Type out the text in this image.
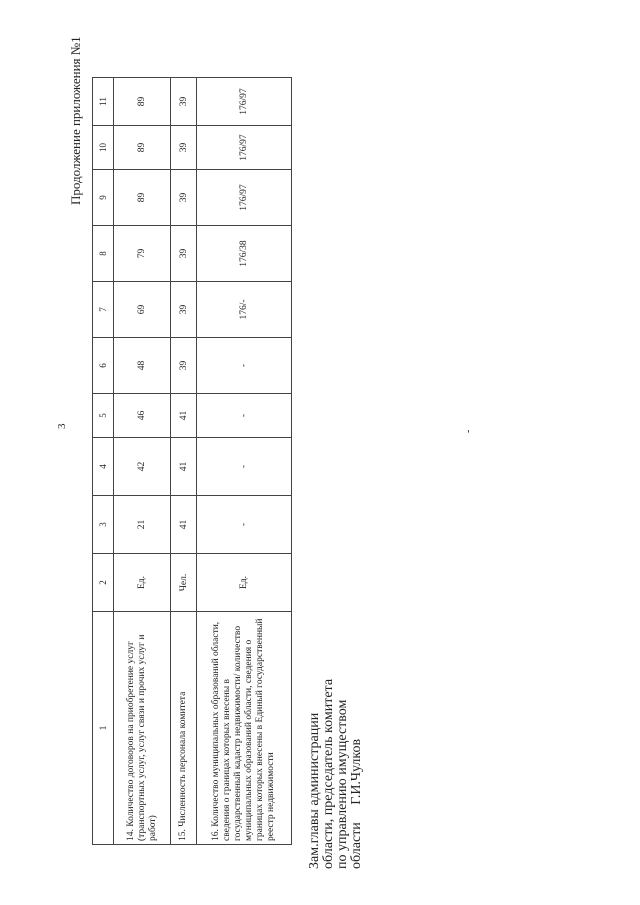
3
Продолжение приложения №1
1	2	3	4	5	6	7	8	9	10	11
14. Количество договоров на приобретение услуг (транспортных услуг, услуг связи и прочих услуг и работ)	Ед.	21	42	46	48	69	79	89	89	89
15. Численность персонала комитета	Чел.	41	41	41	39	39	39	39	39	39
16. Количество муниципальных образований области, сведения о границах которых внесены в государственный кадастр недвижимости/ количество муниципальных образований области, сведения о границах которых внесены в Единый государственный реестр недвижимости	Ед.	-	-	-	-	176/-	176/38	176/97	176/97	176/97
Зам.главы администрации области, председатель комитета по управлению имуществом области     Г.И.Чулков
-
